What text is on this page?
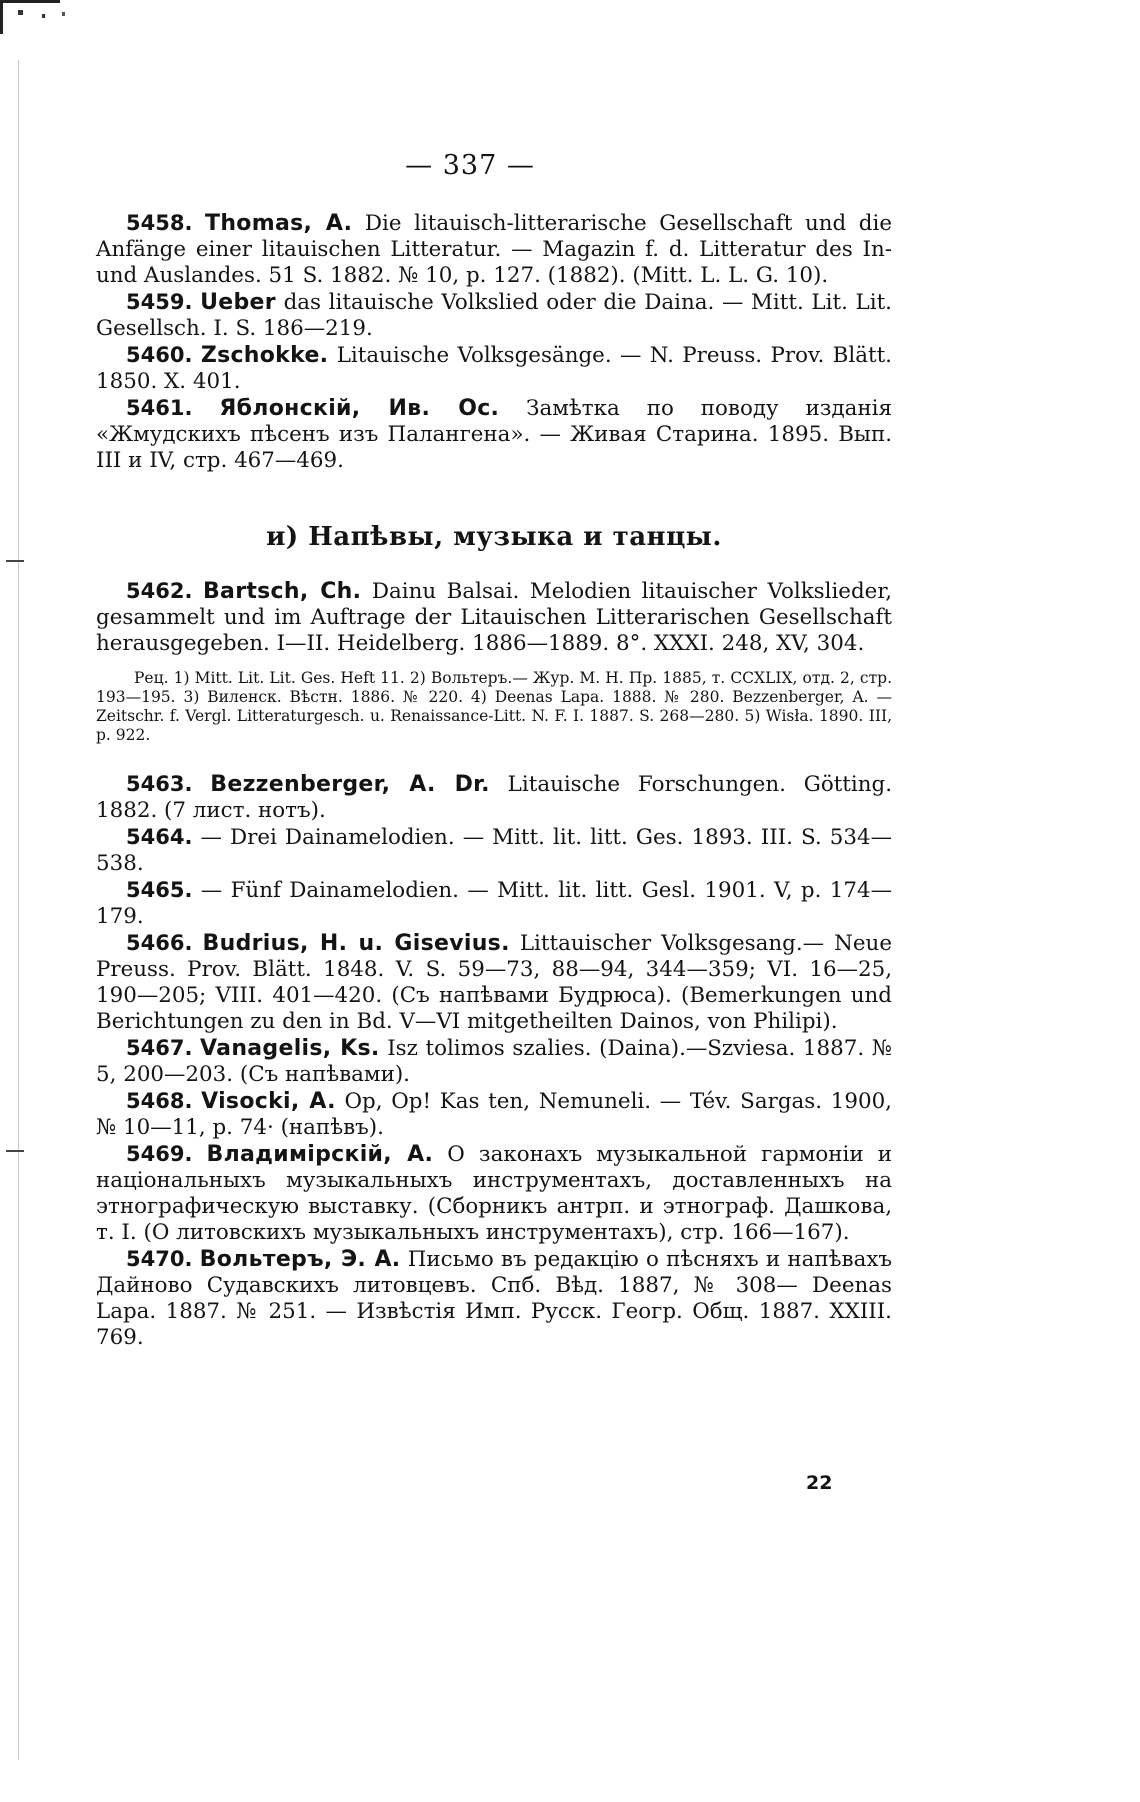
— 337 —

5458. Thomas, A. Die litauisch-litterarische Gesellschaft und die Anfänge einer litauischen Litteratur. — Magazin f. d. Litteratur des In- und Auslandes. 51 S. 1882. № 10, p. 127. (1882). (Mitt. L. L. G. 10).

5459. Ueber das litauische Volkslied oder die Daina. — Mitt. Lit. Lit. Gesellsch. I. S. 186—219.

5460. Zschokke. Litauische Volksgesänge. — N. Preuss. Prov. Blätt. 1850. X. 401.

5461. Яблонскій, Ив. Ос. Замѣтка по поводу изданія «Жмудскихъ пѣсенъ изъ Палангена». — Живая Старина. 1895. Вып. III и IV, стр. 467—469.

и) Напѣвы, музыка и танцы.

5462. Bartsch, Ch. Dainu Balsai. Melodien litauischer Volkslieder, gesammelt und im Auftrage der Litauischen Litterarischen Gesellschaft herausgegeben. I—II. Heidelberg. 1886—1889. 8°. XXXI. 248, XV, 304.

Рец. 1) Mitt. Lit. Lit. Ges. Heft 11. 2) Вольтеръ.— Жур. М. Н. Пр. 1885, т. CCXLIX, отд. 2, стр. 193—195. 3) Виленск. Вѣстн. 1886. № 220. 4) Deenas Lapa. 1888. № 280. Bezzenberger, A. — Zeitschr. f. Vergl. Litteraturgesch. u. Renaissance-Litt. N. F. I. 1887. S. 268—280. 5) Wisła. 1890. III, p. 922.

5463. Bezzenberger, A. Dr. Litauische Forschungen. Göttіng. 1882. (7 лист. нотъ).

5464. — Drei Dainamelodien. — Mitt. lit. litt. Ges. 1893. III. S. 534—538.

5465. — Fünf Dainamelodien. — Mitt. lit. litt. Gesl. 1901. V, p. 174—179.

5466. Budrius, H. u. Gisevius. Littauischer Volksgesang.— Neue Preuss. Prov. Blätt. 1848. V. S. 59—73, 88—94, 344—359; VI. 16—25, 190—205; VIII. 401—420. (Съ напѣвами Будрюса). (Bemerkungen und Berichtungen zu den in Bd. V—VI mitgetheilten Dainos, von Philipi).

5467. Vanagelis, Ks. Isz tolimos szalies. (Daina).—Szviesa. 1887. № 5, 200—203. (Съ напѣвами).

5468. Visocki, A. Op, Op! Kas ten, Nemuneli. — Tév. Sargas. 1900, № 10—11, p. 74· (напѣвъ).

5469. Владимірскій, А. О законахъ музыкальной гармоніи и національныхъ музыкальныхъ инструментахъ, доставленныхъ на этнографическую выставку. (Сборникъ антрп. и этнограф. Дашкова, т. I. (О литовскихъ музыкальныхъ инструментахъ), стр. 166—167).

5470. Вольтеръ, Э. А. Письмо въ редакцію о пѣсняхъ и напѣвахъ Дайново Судавскихъ литовцевъ. Спб. Вѣд. 1887, № 308— Deenas Lapa. 1887. № 251. — Извѣстія Имп. Русск. Геогр. Общ. 1887. XXIII. 769.

22
